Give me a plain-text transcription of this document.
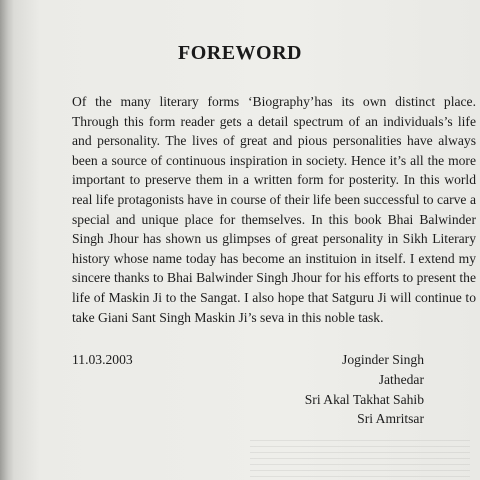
FOREWORD

Of the many literary forms ‘Biography’has its own distinct place. Through this form reader gets a detail spectrum of an individuals’s life and personality. The lives of great and pious personalities have always been a source of continuous inspiration in society. Hence it’s all the more important to preserve them in a written form for posterity. In this world real life protagonists have in course of their life been successful to carve a special and unique place for themselves. In this book Bhai Balwinder Singh Jhour has shown us glimpses of great personality in Sikh Literary history whose name today has become an instituion in itself. I extend my sincere thanks to Bhai Balwinder Singh Jhour for his efforts to present the life of Maskin Ji to the Sangat. I also hope that Satguru Ji will continue to take Giani Sant Singh Maskin Ji’s seva in this noble task.

11.03.2003	Joginder Singh
Jathedar
Sri Akal Takhat Sahib
Sri Amritsar
